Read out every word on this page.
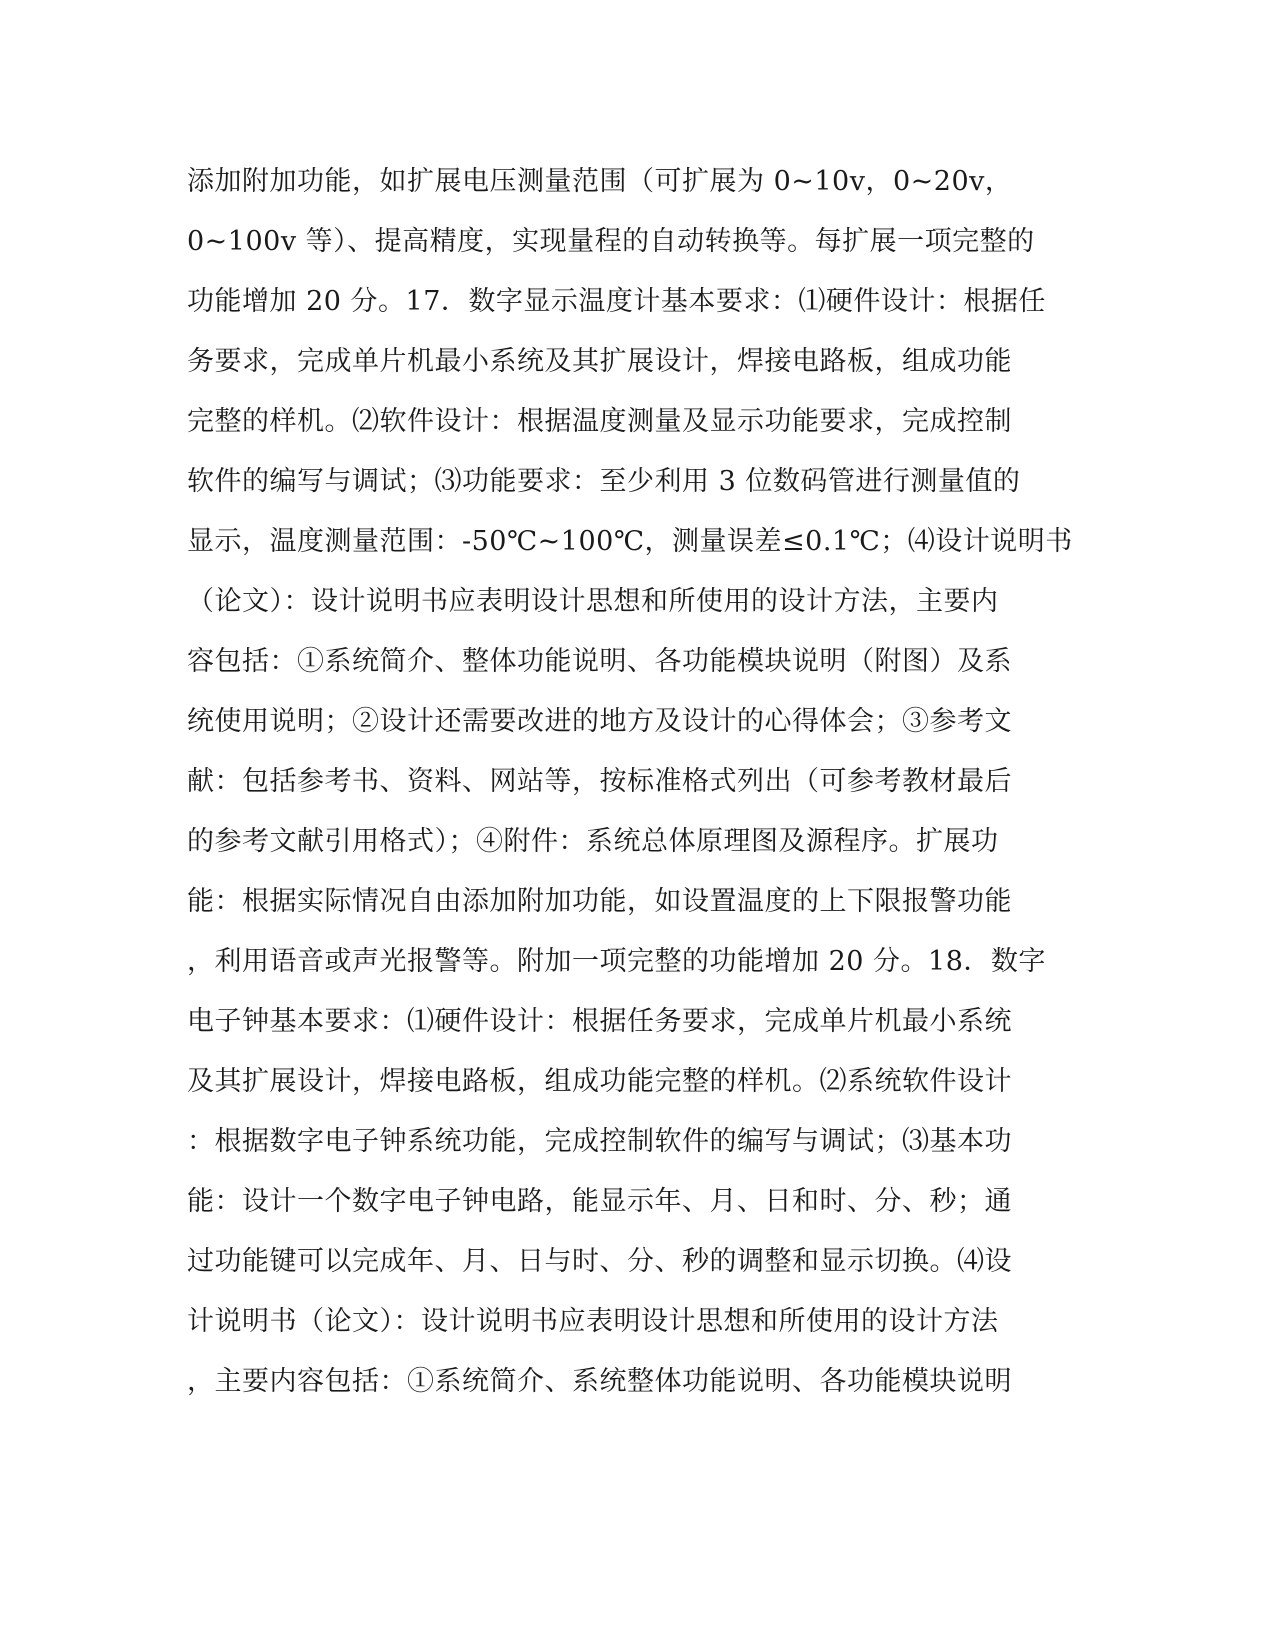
添加附加功能，如扩展电压测量范围（可扩展为 0~10v，0~20v，
0~100v 等）、提高精度，实现量程的自动转换等。每扩展一项完整的
功能增加 20 分。17．数字显示温度计基本要求：⑴硬件设计：根据任
务要求，完成单片机最小系统及其扩展设计，焊接电路板，组成功能
完整的样机。⑵软件设计：根据温度测量及显示功能要求，完成控制
软件的编写与调试；⑶功能要求：至少利用 3 位数码管进行测量值的
显示，温度测量范围：-50℃~100℃，测量误差≤0.1℃；⑷设计说明书
（论文）：设计说明书应表明设计思想和所使用的设计方法，主要内
容包括：①系统简介、整体功能说明、各功能模块说明（附图）及系
统使用说明；②设计还需要改进的地方及设计的心得体会；③参考文
献：包括参考书、资料、网站等，按标准格式列出（可参考教材最后
的参考文献引用格式）；④附件：系统总体原理图及源程序。扩展功
能：根据实际情况自由添加附加功能，如设置温度的上下限报警功能
，利用语音或声光报警等。附加一项完整的功能增加 20 分。18．数字
电子钟基本要求：⑴硬件设计：根据任务要求，完成单片机最小系统
及其扩展设计，焊接电路板，组成功能完整的样机。⑵系统软件设计
：根据数字电子钟系统功能，完成控制软件的编写与调试；⑶基本功
能：设计一个数字电子钟电路，能显示年、月、日和时、分、秒；通
过功能键可以完成年、月、日与时、分、秒的调整和显示切换。⑷设
计说明书（论文）：设计说明书应表明设计思想和所使用的设计方法
，主要内容包括：①系统简介、系统整体功能说明、各功能模块说明
